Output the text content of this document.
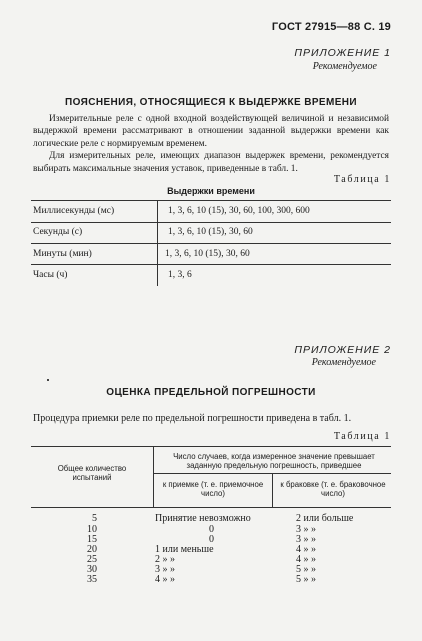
ГОСТ 27915—88 С. 19
ПРИЛОЖЕНИЕ 1
Рекомендуемое
ПОЯСНЕНИЯ, ОТНОСЯЩИЕСЯ К ВЫДЕРЖКЕ ВРЕМЕНИ

Измерительные реле с одной входной воздействующей величиной и независимой выдержкой времени рассматривают в отношении заданной выдержки времени как логические реле с нормируемым временем.

Для измерительных реле, имеющих диапазон выдержек времени, рекомендуется выбирать максимальные значения уставок, приведенные в табл. 1.

Таблица 1
Выдержки времени
Миллисекунды (мс)	1, 3, 6, 10 (15), 30, 60, 100, 300, 600
Секунды (с)	1, 3, 6, 10 (15), 30, 60
Минуты (мин)	1, 3, 6, 10 (15), 30, 60
Часы (ч)	1, 3, 6
ПРИЛОЖЕНИЕ 2
Рекомендуемое
ОЦЕНКА ПРЕДЕЛЬНОЙ ПОГРЕШНОСТИ
Процедура приемки реле по предельной погрешности приведена в табл. 1.
Таблица 1
Общее количество испытаний
Число случаев, когда измеренное значение превышает заданную предельную погрешность, приведшее
к приемке (т. е. приемочное число)
к браковке (т. е. браковочное число)
5	Принятие невозможно	2 или больше
10	0	3 » »
15	0	3 » »
20	1 или меньше	4 » »
25	2 » »	4 » »
30	3 » »	5 » »
35	4 » »	5 » »
